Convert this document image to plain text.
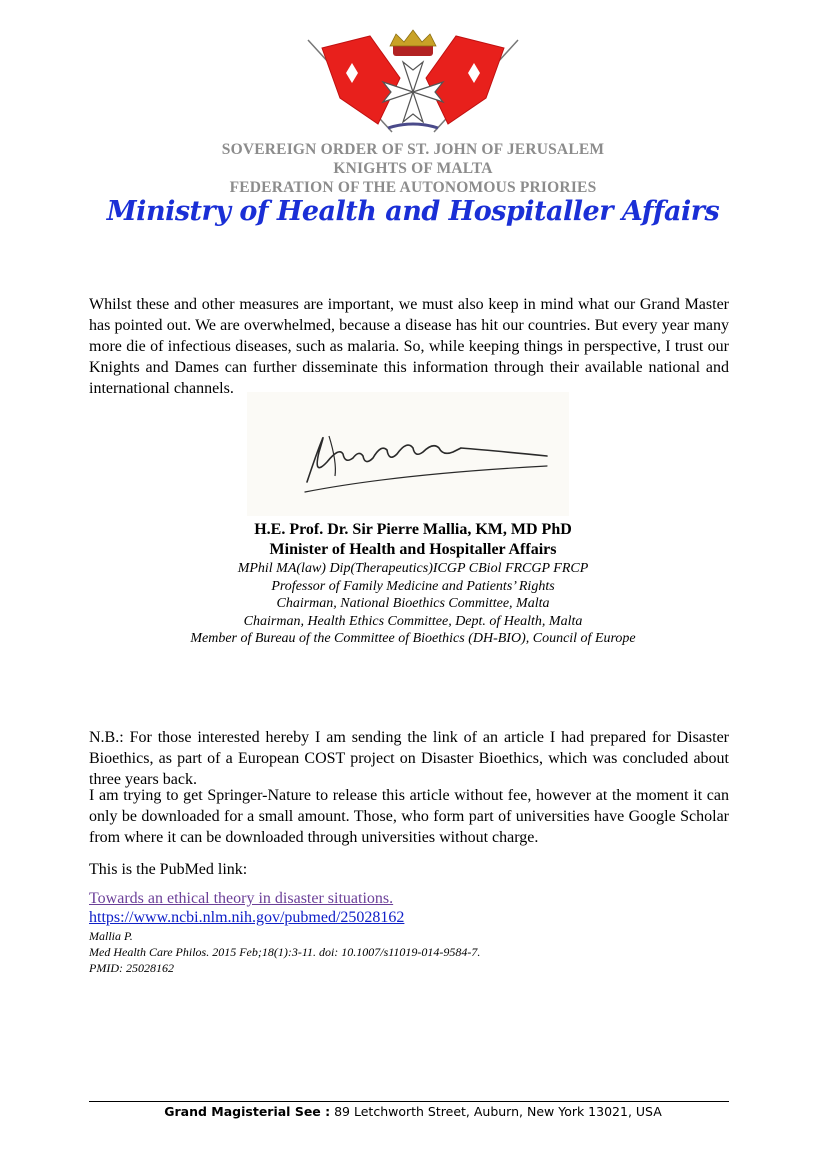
SOVEREIGN ORDER OF ST. JOHN OF JERUSALEM
KNIGHTS OF MALTA
FEDERATION OF THE AUTONOMOUS PRIORIES
Ministry of Health and Hospitaller Affairs

Whilst these and other measures are important, we must also keep in mind what our Grand Master has pointed out. We are overwhelmed, because a disease has hit our countries. But every year many more die of infectious diseases, such as malaria. So, while keeping things in perspective, I trust our Knights and Dames can further disseminate this information through their available national and international channels.

H.E. Prof. Dr. Sir Pierre Mallia, KM, MD PhD
Minister of Health and Hospitaller Affairs
MPhil MA(law) Dip(Therapeutics)ICGP CBiol FRCGP FRCP
Professor of Family Medicine and Patients’ Rights
Chairman, National Bioethics Committee, Malta
Chairman, Health Ethics Committee, Dept. of Health, Malta
Member of Bureau of the Committee of Bioethics (DH-BIO), Council of Europe

N.B.: For those interested hereby I am sending the link of an article I had prepared for Disaster Bioethics, as part of a European COST project on Disaster Bioethics, which was concluded about three years back.

I am trying to get Springer-Nature to release this article without fee, however at the moment it can only be downloaded for a small amount. Those, who form part of universities have Google Scholar from where it can be downloaded through universities without charge.

This is the PubMed link:

Towards an ethical theory in disaster situations.
https://www.ncbi.nlm.nih.gov/pubmed/25028162
Mallia P.
Med Health Care Philos. 2015 Feb;18(1):3-11. doi: 10.1007/s11019-014-9584-7.
PMID: 25028162
Grand Magisterial See : 89 Letchworth Street, Auburn, New York 13021, USA
